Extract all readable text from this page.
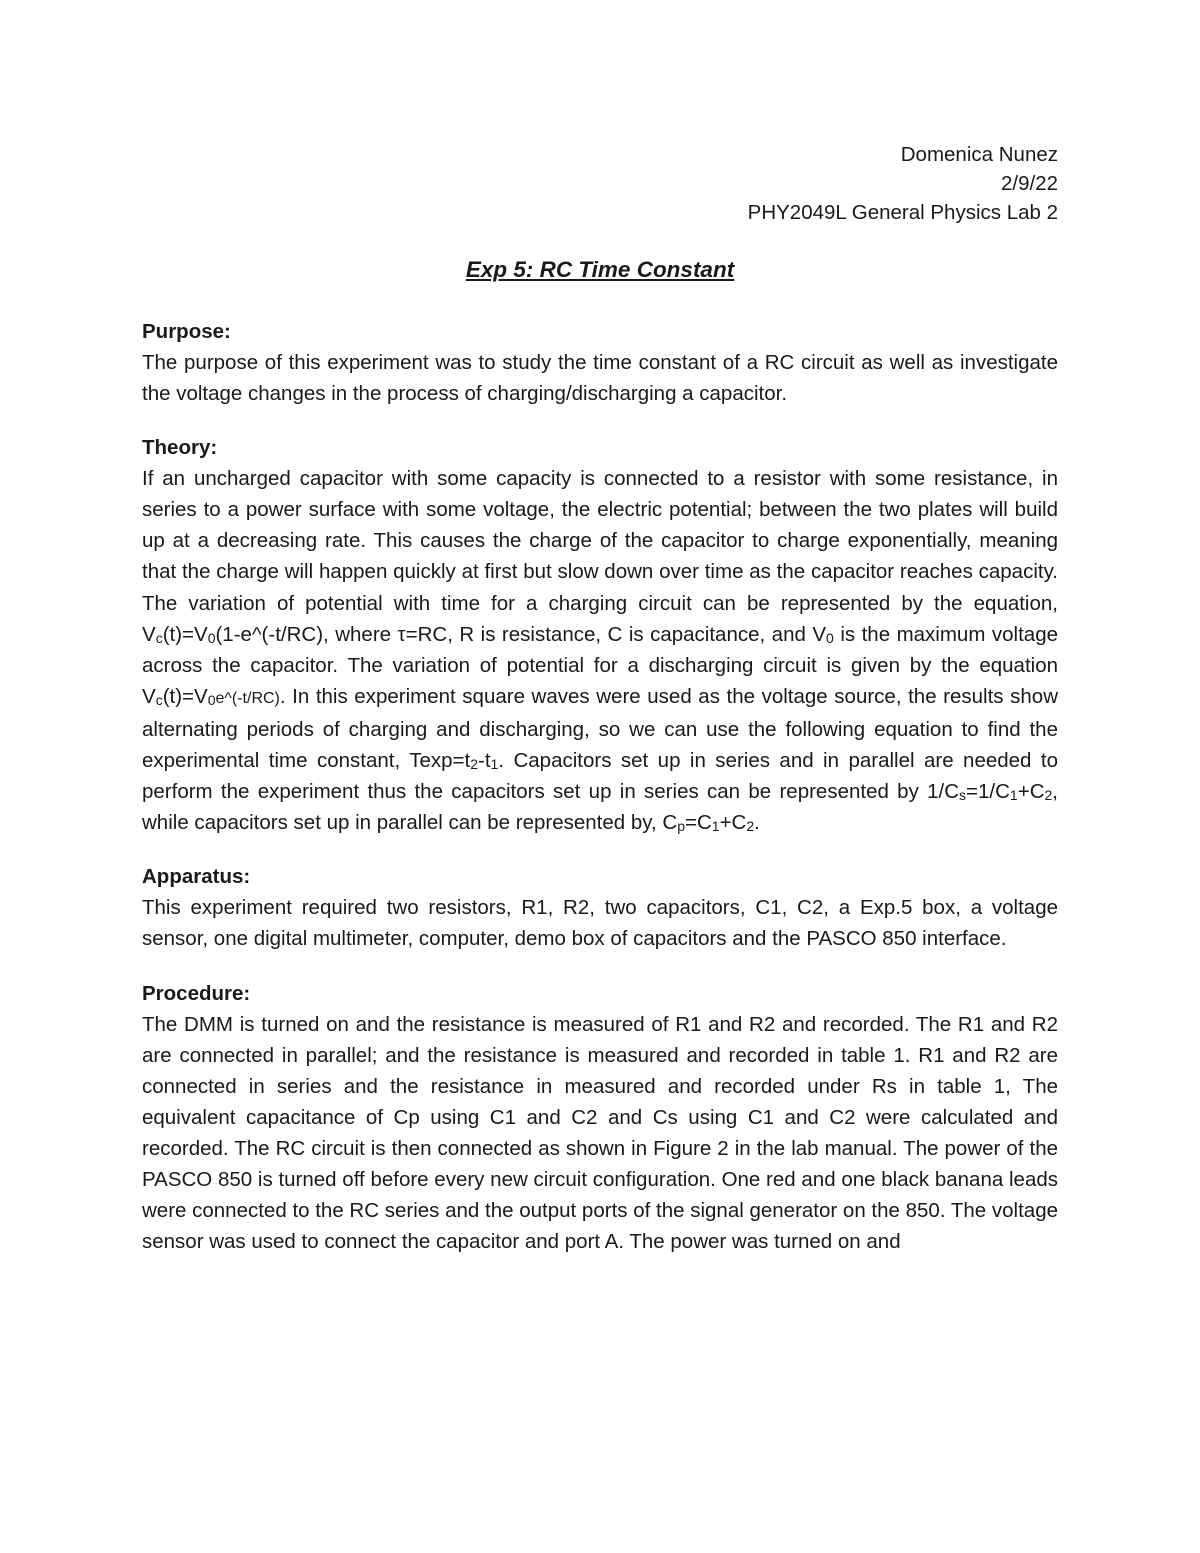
Domenica Nunez
2/9/22
PHY2049L General Physics Lab 2
Exp 5: RC Time Constant
Purpose:
The purpose of this experiment was to study the time constant of a RC circuit as well as investigate the voltage changes in the process of charging/discharging a capacitor.
Theory:
If an uncharged capacitor with some capacity is connected to a resistor with some resistance, in series to a power surface with some voltage, the electric potential; between the two plates will build up at a decreasing rate. This causes the charge of the capacitor to charge exponentially, meaning that the charge will happen quickly at first but slow down over time as the capacitor reaches capacity. The variation of potential with time for a charging circuit can be represented by the equation, Vc(t)=V0(1-e^(-t/RC), where τ=RC, R is resistance, C is capacitance, and V0 is the maximum voltage across the capacitor. The variation of potential for a discharging circuit is given by the equation Vc(t)=V0e^(-t/RC). In this experiment square waves were used as the voltage source, the results show alternating periods of charging and discharging, so we can use the following equation to find the experimental time constant, Texp=t2-t1. Capacitors set up in series and in parallel are needed to perform the experiment thus the capacitors set up in series can be represented by 1/Cs=1/C1+C2, while capacitors set up in parallel can be represented by, Cp=C1+C2.
Apparatus:
This experiment required two resistors, R1, R2, two capacitors, C1, C2, a Exp.5 box, a voltage sensor, one digital multimeter, computer, demo box of capacitors and the PASCO 850 interface.
Procedure:
The DMM is turned on and the resistance is measured of R1 and R2 and recorded. The R1 and R2 are connected in parallel; and the resistance is measured and recorded in table 1. R1 and R2 are connected in series and the resistance in measured and recorded under Rs in table 1, The equivalent capacitance of Cp using C1 and C2 and Cs using C1 and C2 were calculated and recorded. The RC circuit is then connected as shown in Figure 2 in the lab manual. The power of the PASCO 850 is turned off before every new circuit configuration. One red and one black banana leads were connected to the RC series and the output ports of the signal generator on the 850. The voltage sensor was used to connect the capacitor and port A. The power was turned on and
